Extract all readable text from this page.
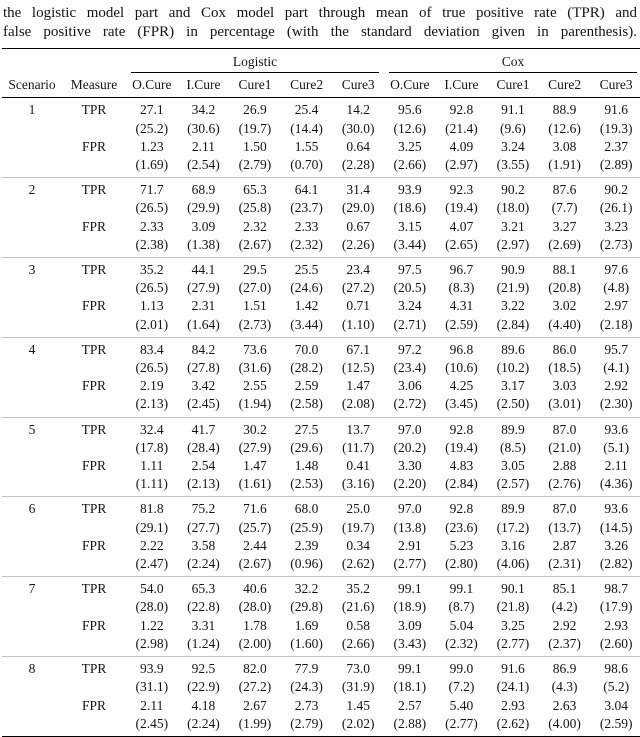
the logistic model part and Cox model part through mean of true positive rate (TPR) and
false positive rate (FPR) in percentage (with the standard deviation given in parenthesis).

		Logistic					Cox				

Scenario	Measure	O.Cure	I.Cure	Cure1	Cure2	Cure3	O.Cure	I.Cure	Cure1	Cure2	Cure3
1	TPR	27.1	34.2	26.9	25.4	14.2	95.6	92.8	91.1	88.9	91.6
		(25.2)	(30.6)	(19.7)	(14.4)	(30.0)	(12.6)	(21.4)	(9.6)	(12.6)	(19.3)
	FPR	1.23	2.11	1.50	1.55	0.64	3.25	4.09	3.24	3.08	2.37
		(1.69)	(2.54)	(2.79)	(0.70)	(2.28)	(2.66)	(2.97)	(3.55)	(1.91)	(2.89)
2	TPR	71.7	68.9	65.3	64.1	31.4	93.9	92.3	90.2	87.6	90.2
		(26.5)	(29.9)	(25.8)	(23.7)	(29.0)	(18.6)	(19.4)	(18.0)	(7.7)	(26.1)
	FPR	2.33	3.09	2.32	2.33	0.67	3.15	4.07	3.21	3.27	3.23
		(2.38)	(1.38)	(2.67)	(2.32)	(2.26)	(3.44)	(2.65)	(2.97)	(2.69)	(2.73)
3	TPR	35.2	44.1	29.5	25.5	23.4	97.5	96.7	90.9	88.1	97.6
		(26.5)	(27.9)	(27.0)	(24.6)	(27.2)	(20.5)	(8.3)	(21.9)	(20.8)	(4.8)
	FPR	1.13	2.31	1.51	1.42	0.71	3.24	4.31	3.22	3.02	2.97
		(2.01)	(1.64)	(2.73)	(3.44)	(1.10)	(2.71)	(2.59)	(2.84)	(4.40)	(2.18)
4	TPR	83.4	84.2	73.6	70.0	67.1	97.2	96.8	89.6	86.0	95.7
		(26.5)	(27.8)	(31.6)	(28.2)	(12.5)	(23.4)	(10.6)	(10.2)	(18.5)	(4.1)
	FPR	2.19	3.42	2.55	2.59	1.47	3.06	4.25	3.17	3.03	2.92
		(2.13)	(2.45)	(1.94)	(2.58)	(2.08)	(2.72)	(3.45)	(2.50)	(3.01)	(2.30)
5	TPR	32.4	41.7	30.2	27.5	13.7	97.0	92.8	89.9	87.0	93.6
		(17.8)	(28.4)	(27.9)	(29.6)	(11.7)	(20.2)	(19.4)	(8.5)	(21.0)	(5.1)
	FPR	1.11	2.54	1.47	1.48	0.41	3.30	4.83	3.05	2.88	2.11
		(1.11)	(2.13)	(1.61)	(2.53)	(3.16)	(2.20)	(2.84)	(2.57)	(2.76)	(4.36)
6	TPR	81.8	75.2	71.6	68.0	25.0	97.0	92.8	89.9	87.0	93.6
		(29.1)	(27.7)	(25.7)	(25.9)	(19.7)	(13.8)	(23.6)	(17.2)	(13.7)	(14.5)
	FPR	2.22	3.58	2.44	2.39	0.34	2.91	5.23	3.16	2.87	3.26
		(2.47)	(2.24)	(2.67)	(0.96)	(2.62)	(2.77)	(2.80)	(4.06)	(2.31)	(2.82)
7	TPR	54.0	65.3	40.6	32.2	35.2	99.1	99.1	90.1	85.1	98.7
		(28.0)	(22.8)	(28.0)	(29.8)	(21.6)	(18.9)	(8.7)	(21.8)	(4.2)	(17.9)
	FPR	1.22	3.31	1.78	1.69	0.58	3.09	5.04	3.25	2.92	2.93
		(2.98)	(1.24)	(2.00)	(1.60)	(2.66)	(3.43)	(2.32)	(2.77)	(2.37)	(2.60)
8	TPR	93.9	92.5	82.0	77.9	73.0	99.1	99.0	91.6	86.9	98.6
		(31.1)	(22.9)	(27.2)	(24.3)	(31.9)	(18.1)	(7.2)	(24.1)	(4.3)	(5.2)
	FPR	2.11	4.18	2.67	2.73	1.45	2.57	5.40	2.93	2.63	3.04
		(2.45)	(2.24)	(1.99)	(2.79)	(2.02)	(2.88)	(2.77)	(2.62)	(4.00)	(2.59)
